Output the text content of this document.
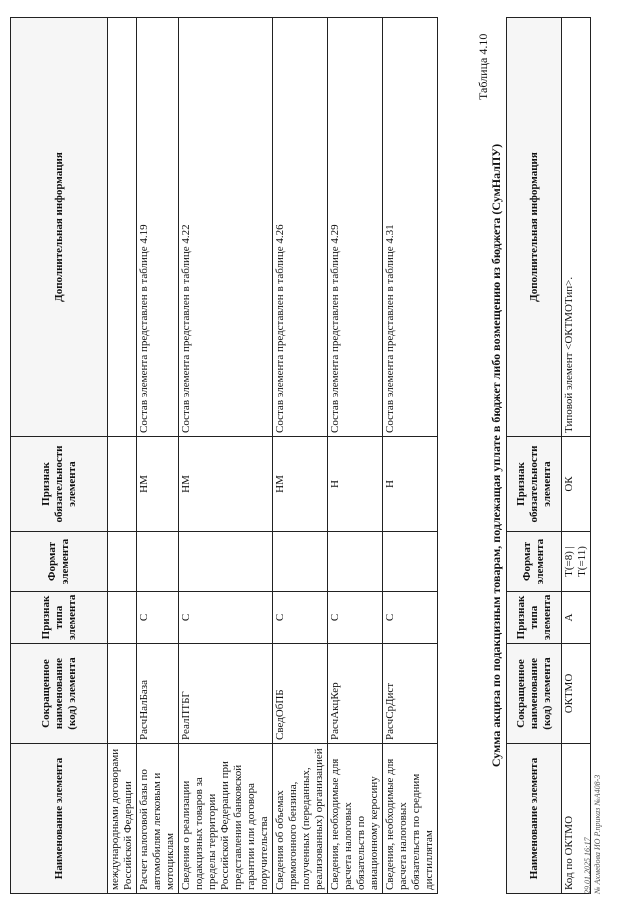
Наименование элемента	Сокращенное наименование (код) элемента	Признак типа элемента	Формат элемента	Признак обязательности элемента	Дополнительная информация
международными договорами Российской Федерации					
Расчет налоговой базы по автомобилям легковым и мотоциклам	РасчНалБаза	С		НМ	Состав элемента представлен в таблице 4.19
Сведения о реализации подакцизных товаров за пределы территории Российской Федерации при представлении банковской гарантии или договора поручительства	РеалПТБГ	С		НМ	Состав элемента представлен в таблице 4.22
Сведения об объемах прямогонного бензина, полученных (переданных, реализованных) организацией	СведОбПБ	С		НМ	Состав элемента представлен в таблице 4.26
Сведения, необходимые для расчета налоговых обязательств по авиационному керосину	РасчАкцКер	С		Н	Состав элемента представлен в таблице 4.29
Сведения, необходимые для расчета налоговых обязательств по средним дистиллятам	РасчСрДист	С		Н	Состав элемента представлен в таблице 4.31
Таблица 4.10
Сумма акциза по подакцизным товарам, подлежащая уплате в бюджет либо возмещению из бюджета (СумНалПУ)
Наименование элемента	Сокращенное наименование (код) элемента	Признак типа элемента	Формат элемента	Признак обязательности элемента	Дополнительная информация
Код по ОКТМО	ОКТМО	А	T(=8) | T(=11)	ОК	Типовой элемент <ОКТМОТип>.
29.01.2025 16:17 № Ахмедова ИО Р.приказ №А408-3
